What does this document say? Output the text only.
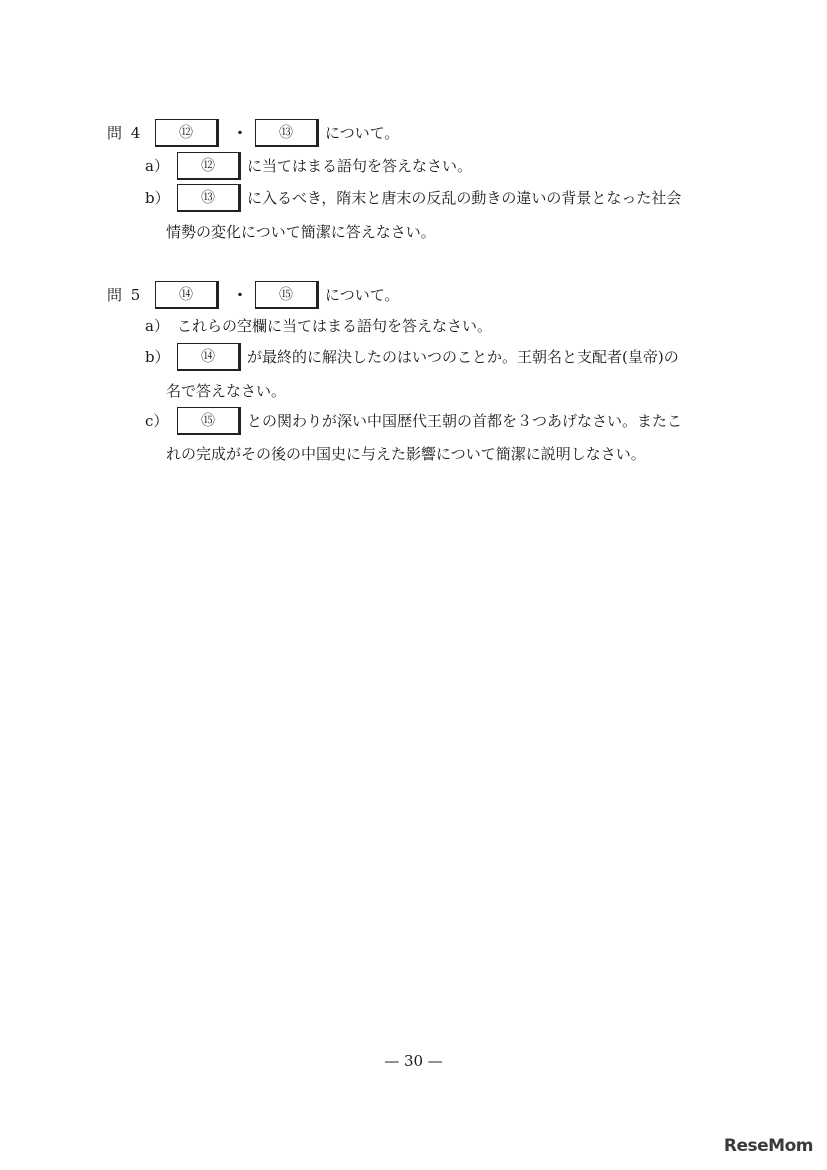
問 4	⑫	・	⑬	について。
a）	⑫	に当てはまる語句を答えなさい。
b）	⑬	に入るべき，隋末と唐末の反乱の動きの違いの背景となった社会
情勢の変化について簡潔に答えなさい。
問 5	⑭	・	⑮	について。
a） これらの空欄に当てはまる語句を答えなさい。
b）	⑭	が最終的に解決したのはいつのことか。王朝名と支配者(皇帝)の
名で答えなさい。
c）	⑮	との関わりが深い中国歴代王朝の首都を３つあげなさい。またこ
れの完成がその後の中国史に与えた影響について簡潔に説明しなさい。
— 30 —
ReseMom
